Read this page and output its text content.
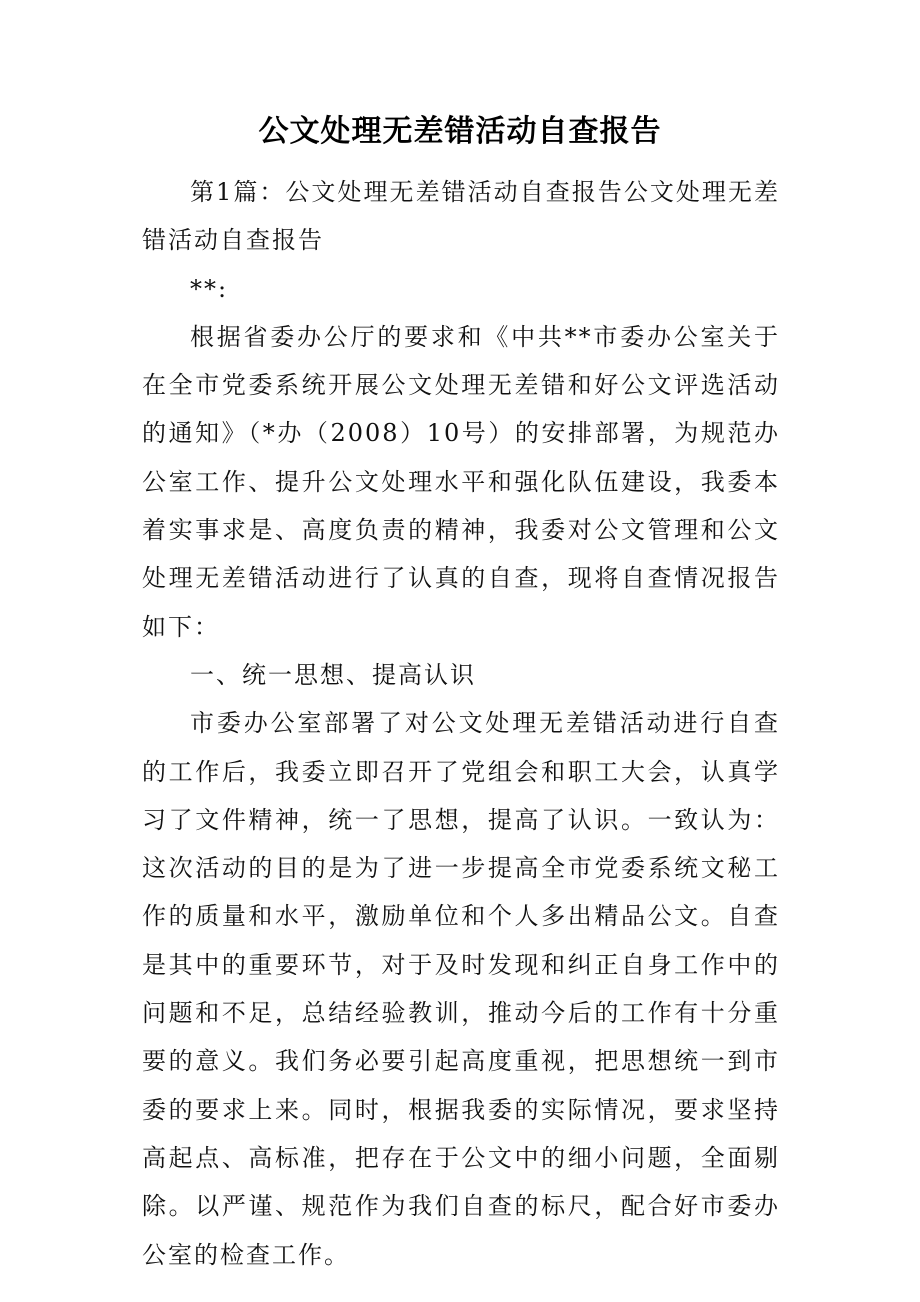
公文处理无差错活动自查报告

第1篇：公文处理无差错活动自查报告公文处理无差错活动自查报告

**:

根据省委办公厅的要求和《中共**市委办公室关于在全市党委系统开展公文处理无差错和好公文评选活动的通知》（*办（2008）10号）的安排部署，为规范办公室工作、提升公文处理水平和强化队伍建设，我委本着实事求是、高度负责的精神，我委对公文管理和公文处理无差错活动进行了认真的自查，现将自查情况报告如下：

一、统一思想、提高认识

市委办公室部署了对公文处理无差错活动进行自查的工作后，我委立即召开了党组会和职工大会，认真学习了文件精神，统一了思想，提高了认识。一致认为：这次活动的目的是为了进一步提高全市党委系统文秘工作的质量和水平，激励单位和个人多出精品公文。自查是其中的重要环节，对于及时发现和纠正自身工作中的问题和不足，总结经验教训，推动今后的工作有十分重要的意义。我们务必要引起高度重视，把思想统一到市委的要求上来。同时，根据我委的实际情况，要求坚持高起点、高标准，把存在于公文中的细小问题，全面剔除。以严谨、规范作为我们自查的标尺，配合好市委办公室的检查工作。
